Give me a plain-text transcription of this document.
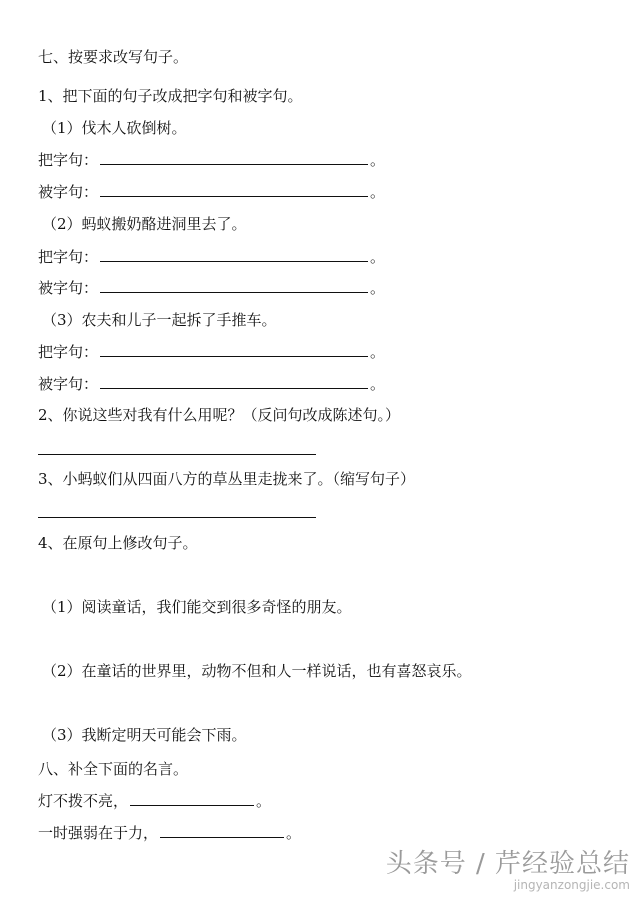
七、按要求改写句子。
1、把下面的句子改成把字句和被字句。
（1）伐木人砍倒树。
把字句：	。
被字句：	。
（2）蚂蚁搬奶酪进洞里去了。
把字句：	。
被字句：	。
（3）农夫和儿子一起拆了手推车。
把字句：	。
被字句：	。
2、你说这些对我有什么用呢？（反问句改成陈述句。）
3、小蚂蚁们从四面八方的草丛里走拢来了。（缩写句子）
4、在原句上修改句子。
（1）阅读童话，我们能交到很多奇怪的朋友。
（2）在童话的世界里，动物不但和人一样说话，也有喜怒哀乐。
（3）我断定明天可能会下雨。
八、补全下面的名言。
灯不拨不亮，	。
一时强弱在于力，	。
头条号 / 芹经验总结
jingyanzongjie.com
